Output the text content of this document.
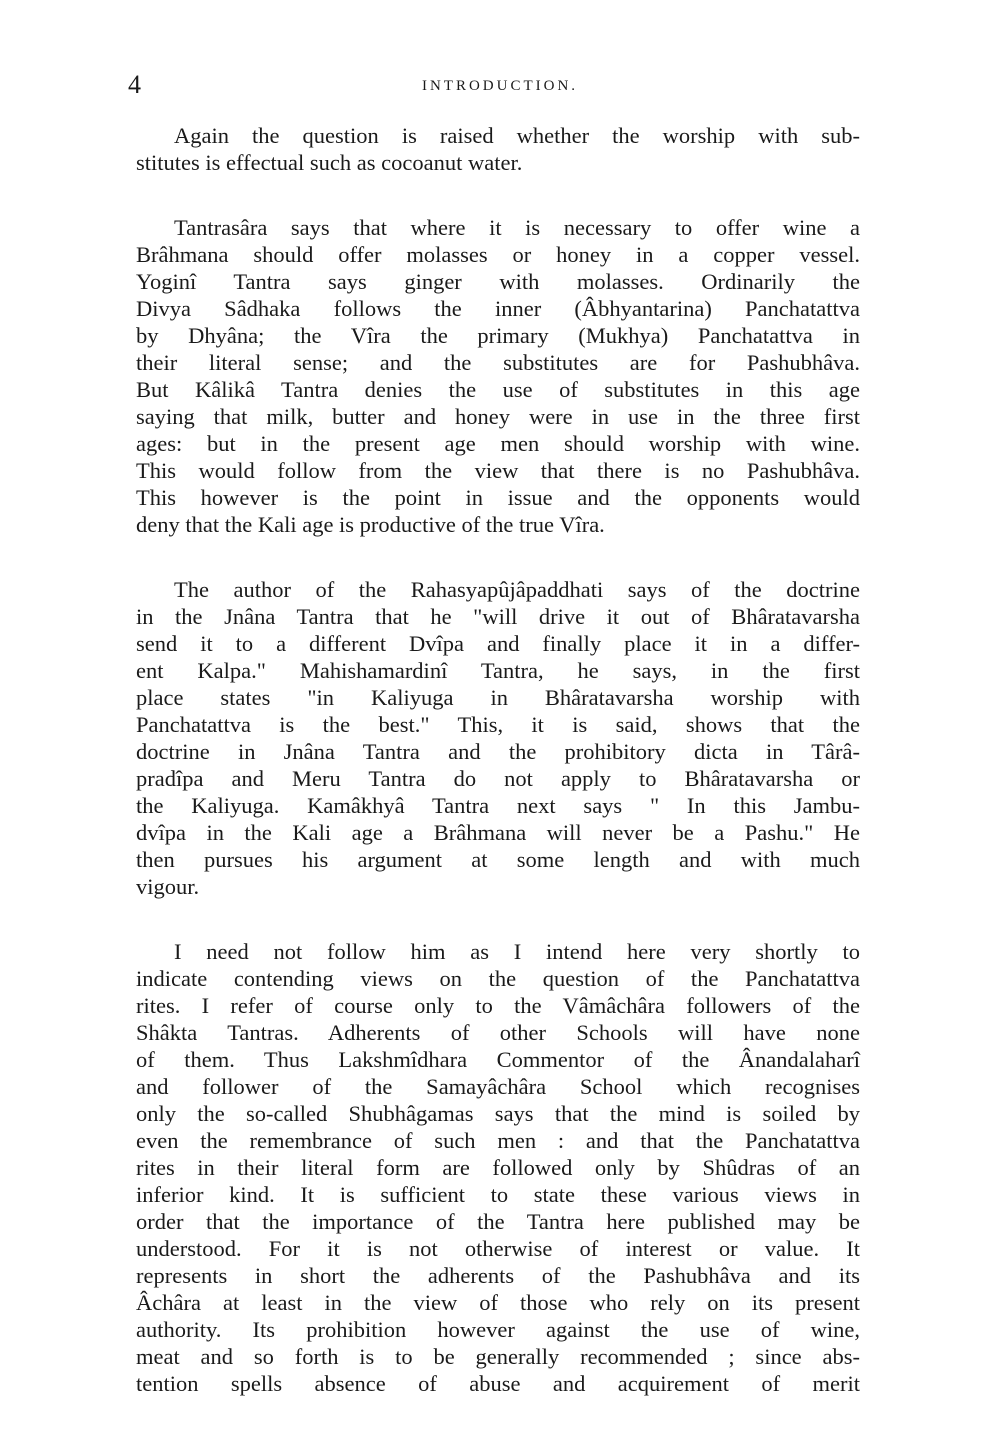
4	INTRODUCTION.

Again the question is raised whether the worship with sub-
stitutes is effectual such as cocoanut water.

Tantrasâra says that where it is necessary to offer wine a
Brâhmana should offer molasses or honey in a copper vessel.
Yoginî Tantra says ginger with molasses. Ordinarily the
Divya Sâdhaka follows the inner (Âbhyantarina) Panchatattva
by Dhyâna; the Vîra the primary (Mukhya) Panchatattva in
their literal sense; and the substitutes are for Pashubhâva.
But Kâlikâ Tantra denies the use of substitutes in this age
saying that milk, butter and honey were in use in the three first
ages: but in the present age men should worship with wine.
This would follow from the view that there is no Pashubhâva.
This however is the point in issue and the opponents would
deny that the Kali age is productive of the true Vîra.

The author of the Rahasyapûjâpaddhati says of the doctrine
in the Jnâna Tantra that he "will drive it out of Bhâratavarsha
send it to a different Dvîpa and finally place it in a differ-
ent Kalpa." Mahishamardinî Tantra, he says, in the first
place states "in Kaliyuga in Bhâratavarsha worship with
Panchatattva is the best." This, it is said, shows that the
doctrine in Jnâna Tantra and the prohibitory dicta in Târâ-
pradîpa and Meru Tantra do not apply to Bhâratavarsha or
the Kaliyuga. Kamâkhyâ Tantra next says " In this Jambu-
dvîpa in the Kali age a Brâhmana will never be a Pashu." He
then pursues his argument at some length and with much
vigour.

I need not follow him as I intend here very shortly to
indicate contending views on the question of the Panchatattva
rites. I refer of course only to the Vâmâchâra followers of the
Shâkta Tantras. Adherents of other Schools will have none
of them. Thus Lakshmîdhara Commentor of the Ânandalaharî
and follower of the Samayâchâra School which recognises
only the so-called Shubhâgamas says that the mind is soiled by
even the remembrance of such men : and that the Panchatattva
rites in their literal form are followed only by Shûdras of an
inferior kind. It is sufficient to state these various views in
order that the importance of the Tantra here published may be
understood. For it is not otherwise of interest or value. It
represents in short the adherents of the Pashubhâva and its
Âchâra at least in the view of those who rely on its present
authority. Its prohibition however against the use of wine,
meat and so forth is to be generally recommended ; since abs-
tention spells absence of abuse and acquirement of merit
